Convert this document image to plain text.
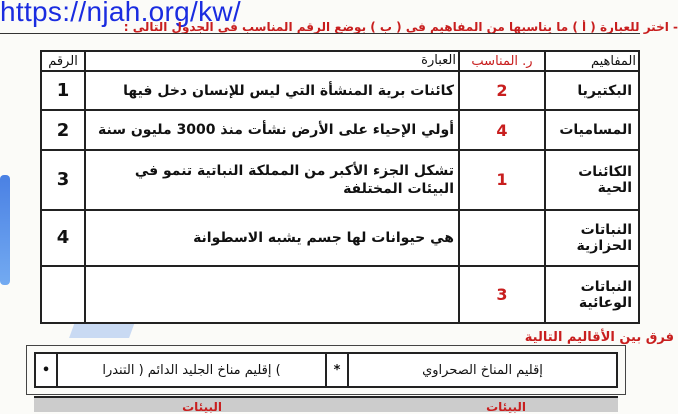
https://njah.org/kw/
- اختر للعبارة ( أ ) ما يناسبها من المفاهيم في ( ب ) بوضع الرقم المناسب في الجدول التالي :
المفاهيم	ر. المناسب	العبارة	الرقم
البكتيريا	2	كائنات برية المنشأة التي ليس للإنسان دخل فيها	1
المساميات	4	أولي الإحياء على الأرض نشأت منذ 3000 مليون سنة	2
الكائنات الحية	1	تشكل الجزء الأكبر من المملكة النباتية تنمو في البيئات المختلفة	3
النباتات الحزازية		هي حيوانات لها جسم يشبه الاسطوانة	4
النباتات الوعائية	3		
فرق بين الأقاليم التالية
إقليم المناخ الصحراوي	*	) إقليم مناخ الجليد الدائم ( التندرا	•
البيئات
البيئات
